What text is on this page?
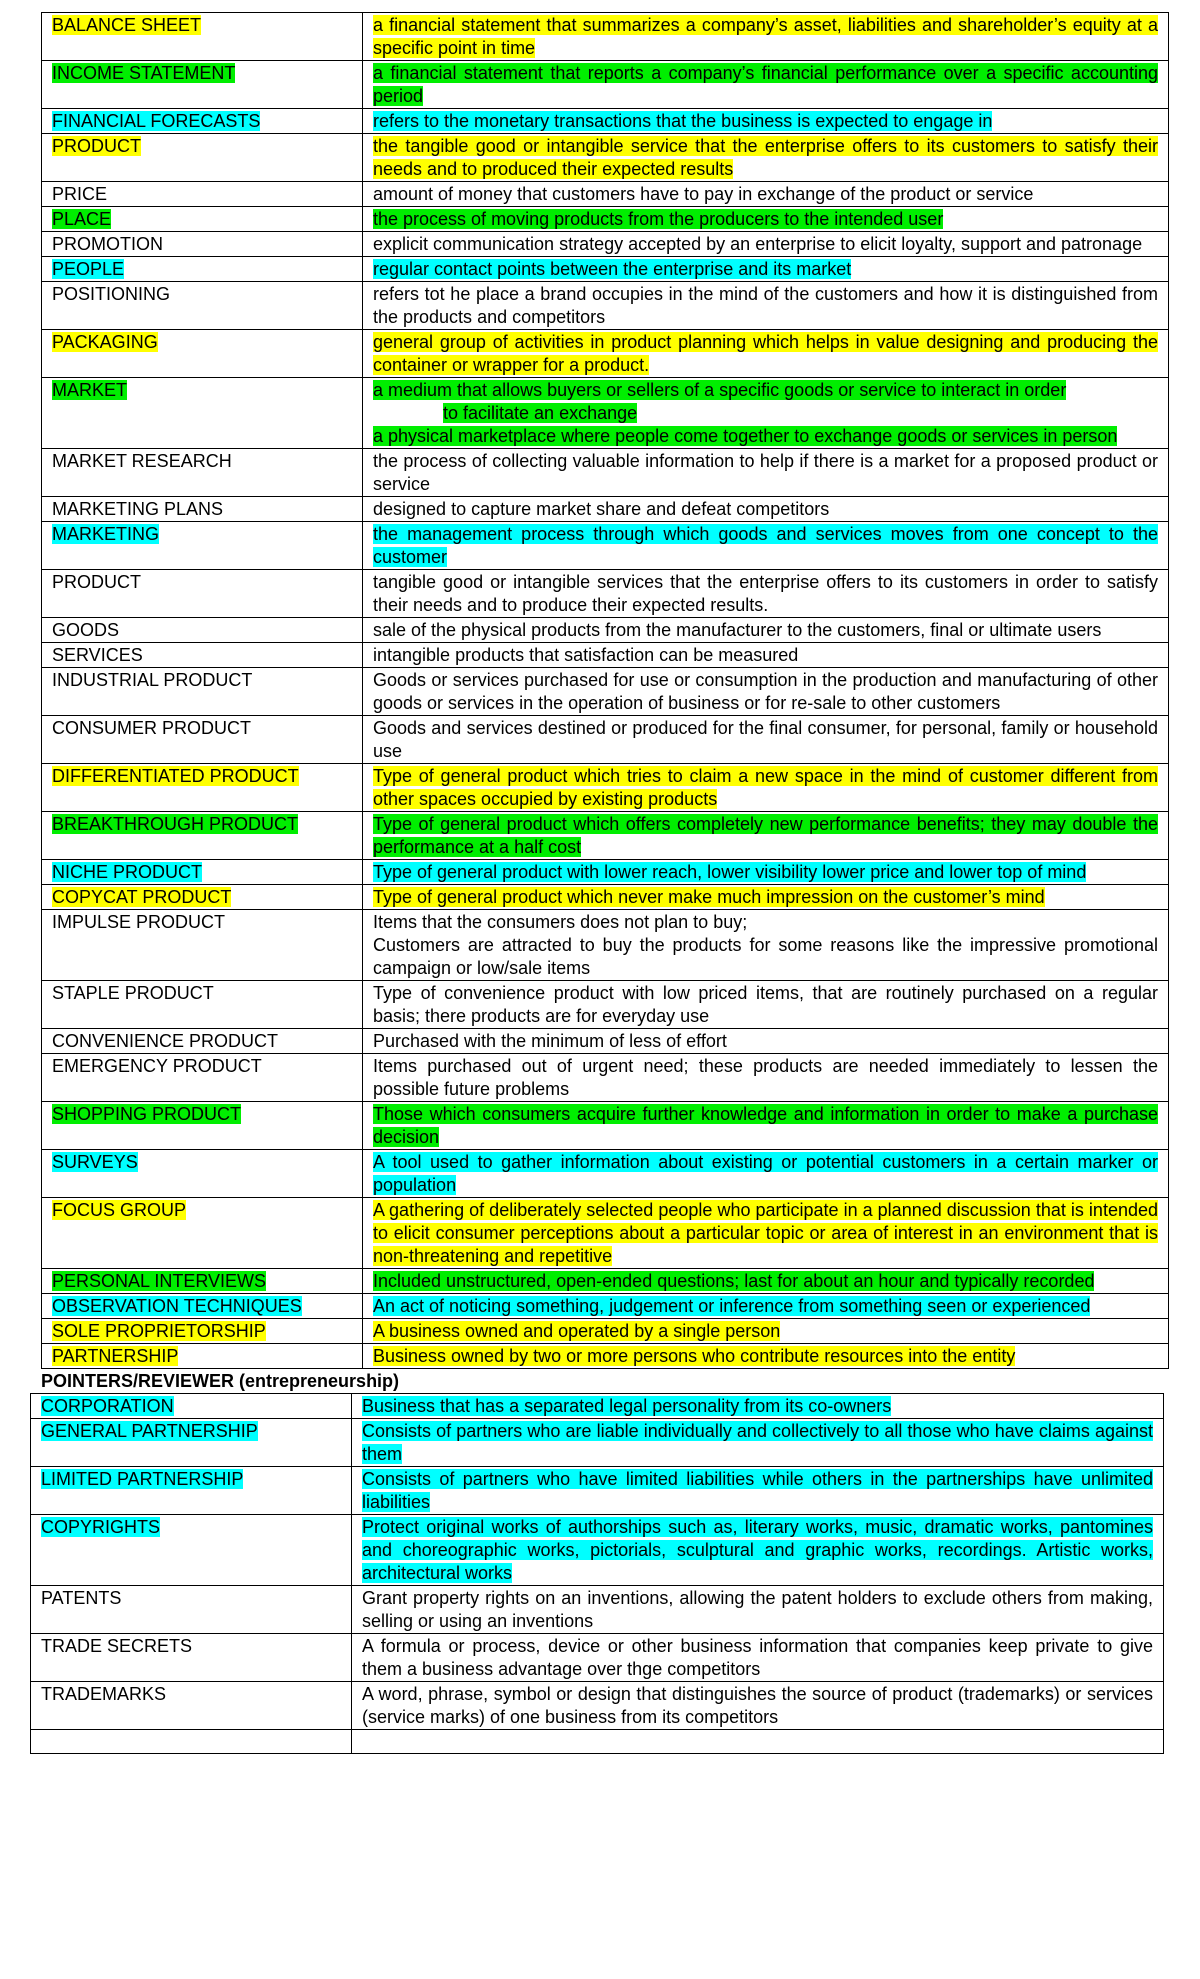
BALANCE SHEET	a financial statement that summarizes a company’s asset, liabilities and shareholder’s equity at a specific point in time
INCOME STATEMENT	a financial statement that reports a company’s financial performance over a specific accounting period
FINANCIAL FORECASTS	refers to the monetary transactions that the business is expected to engage in
PRODUCT	the tangible good or intangible service that the enterprise offers to its customers to satisfy their needs and to produced their expected results
PRICE	amount of money that customers have to pay in exchange of the product or service
PLACE	the process of moving products from the producers to the intended user
PROMOTION	explicit communication strategy accepted by an enterprise to elicit loyalty, support and patronage
PEOPLE	regular contact points between the enterprise and its market
POSITIONING	refers tot he place a brand occupies in the mind of the customers and how it is distinguished from the products and competitors
PACKAGING	general group of activities in product planning which helps in value designing and producing the container or wrapper for a product.
MARKET	a medium that allows buyers or sellers of a specific goods or service to interact in order
to facilitate an exchange
a physical marketplace where people come together to exchange goods or services in person
MARKET RESEARCH	the process of collecting valuable information to help if there is a market for a proposed product or service
MARKETING PLANS	designed to capture market share and defeat competitors
MARKETING	the management process through which goods and services moves from one concept to the customer
PRODUCT	tangible good or intangible services that the enterprise offers to its customers in order to satisfy their needs and to produce their expected results.
GOODS	sale of the physical products from the manufacturer to the customers, final or ultimate users
SERVICES	intangible products that satisfaction can be measured
INDUSTRIAL PRODUCT	Goods or services purchased for use or consumption in the production and manufacturing of other goods or services in the operation of business or for re-sale to other customers
CONSUMER PRODUCT	Goods and services destined or produced for the final consumer, for personal, family or household use
DIFFERENTIATED PRODUCT	Type of general product which tries to claim a new space in the mind of customer different from other spaces occupied by existing products
BREAKTHROUGH PRODUCT	Type of general product which offers completely new performance benefits; they may double the performance at a half cost
NICHE PRODUCT	Type of general product with lower reach, lower visibility lower price and lower top of mind
COPYCAT PRODUCT	Type of general product which never make much impression on the customer’s mind
IMPULSE PRODUCT	Items that the consumers does not plan to buy;
Customers are attracted to buy the products for some reasons like the impressive promotional campaign or low/sale items
STAPLE PRODUCT	Type of convenience product with low priced items, that are routinely purchased on a regular basis; there products are for everyday use
CONVENIENCE PRODUCT	Purchased with the minimum of less of effort
EMERGENCY PRODUCT	Items purchased out of urgent need; these products are needed immediately to lessen the possible future problems
SHOPPING PRODUCT	Those which consumers acquire further knowledge and information in order to make a purchase decision
SURVEYS	A tool used to gather information about existing or potential customers in a certain marker or population
FOCUS GROUP	A gathering of deliberately selected people who participate in a planned discussion that is intended to elicit consumer perceptions about a particular topic or area of interest in an environment that is non-threatening and repetitive
PERSONAL INTERVIEWS	Included unstructured, open-ended questions; last for about an hour and typically recorded
OBSERVATION TECHNIQUES	An act of noticing something, judgement or inference from something seen or experienced
SOLE PROPRIETORSHIP	A business owned and operated by a single person
PARTNERSHIP	Business owned by two or more persons who contribute resources into the entity
POINTERS/REVIEWER (entrepreneurship)
CORPORATION	Business that has a separated legal personality from its co-owners
GENERAL PARTNERSHIP	Consists of partners who are liable individually and collectively to all those who have claims against them
LIMITED PARTNERSHIP	Consists of partners who have limited liabilities while others in the partnerships have unlimited liabilities
COPYRIGHTS	Protect original works of authorships such as, literary works, music, dramatic works, pantomines and choreographic works, pictorials, sculptural and graphic works, recordings. Artistic works, architectural works
PATENTS	Grant property rights on an inventions, allowing the patent holders to exclude others from making, selling or using an inventions
TRADE SECRETS	A formula or process, device or other business information that companies keep private to give them a business advantage over thge competitors
TRADEMARKS	A word, phrase, symbol or design that distinguishes the source of product (trademarks) or services (service marks) of one business from its competitors
